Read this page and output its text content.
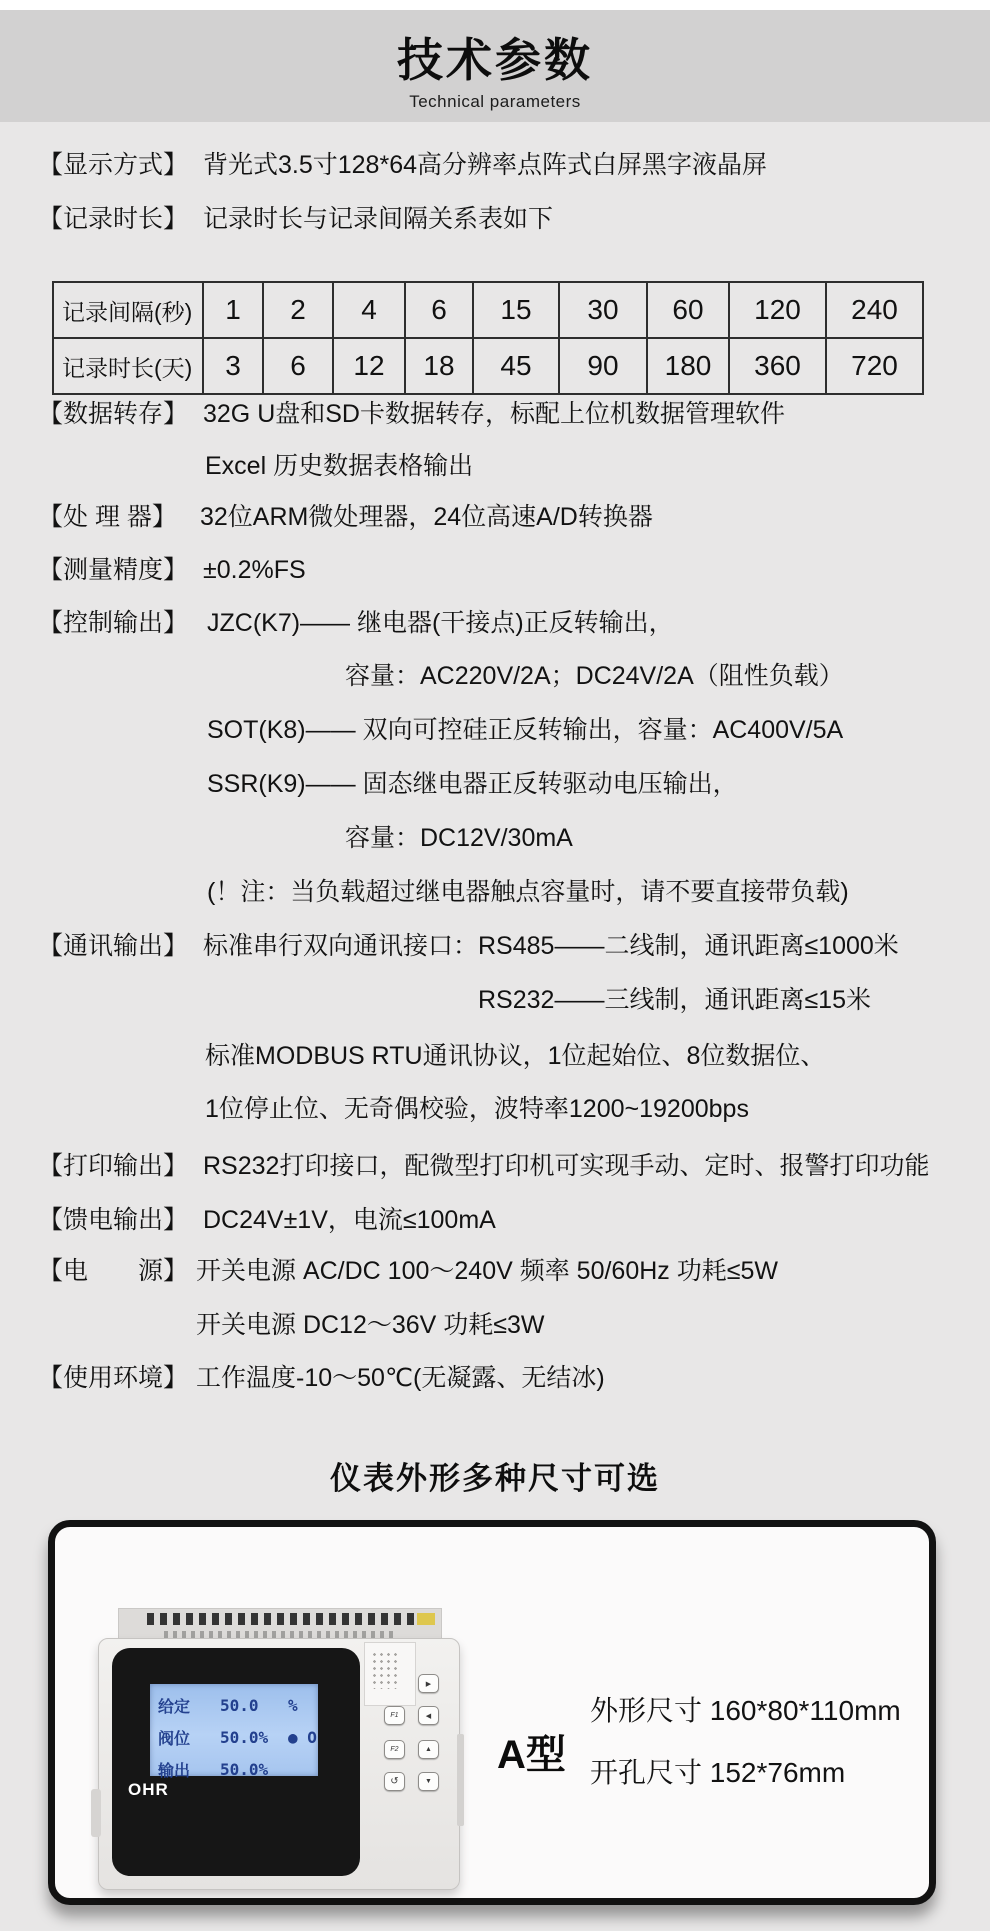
技术参数
Technical parameters
【显示方式】 背光式3.5寸128*64高分辨率点阵式白屏黑字液晶屏
【记录时长】 记录时长与记录间隔关系表如下
记录间隔(秒)	1	2	4	6	15	30	60	120	240
记录时长(天)	3	6	12	18	45	90	180	360	720
【数据转存】 32G U盘和SD卡数据转存，标配上位机数据管理软件
Excel 历史数据表格输出
【处 理 器】 32位ARM微处理器，24位高速A/D转换器
【测量精度】 ±0.2%FS
【控制输出】 JZC(K7)—— 继电器(干接点)正反转输出，
容量：AC220V/2A；DC24V/2A（阻性负载）
SOT(K8)—— 双向可控硅正反转输出，容量：AC400V/5A
SSR(K9)—— 固态继电器正反转驱动电压输出，
容量：DC12V/30mA
(！注：当负载超过继电器触点容量时，请不要直接带负载)
【通讯输出】 标准串行双向通讯接口：RS485——二线制，通讯距离≤1000米
RS232——三线制，通讯距离≤15米
标准MODBUS RTU通讯协议，1位起始位、8位数据位、
1位停止位、无奇偶校验，波特率1200~19200bps
【打印输出】 RS232打印接口，配微型打印机可实现手动、定时、报警打印功能
【馈电输出】 DC24V±1V，电流≤100mA
【电　　源】 开关电源 AC/DC 100～240V 频率 50/60Hz 功耗≤5W
开关电源 DC12～36V 功耗≤3W
【使用环境】 工作温度-10～50℃(无凝露、无结冰)
仪表外形多种尺寸可选
给定	50.0	%
阀位	50.0%	● O
输出	50.0%
OHR
▶
F1	◀
F2	▲
↺	▼
A型
外形尺寸 160*80*110mm
开孔尺寸 152*76mm
